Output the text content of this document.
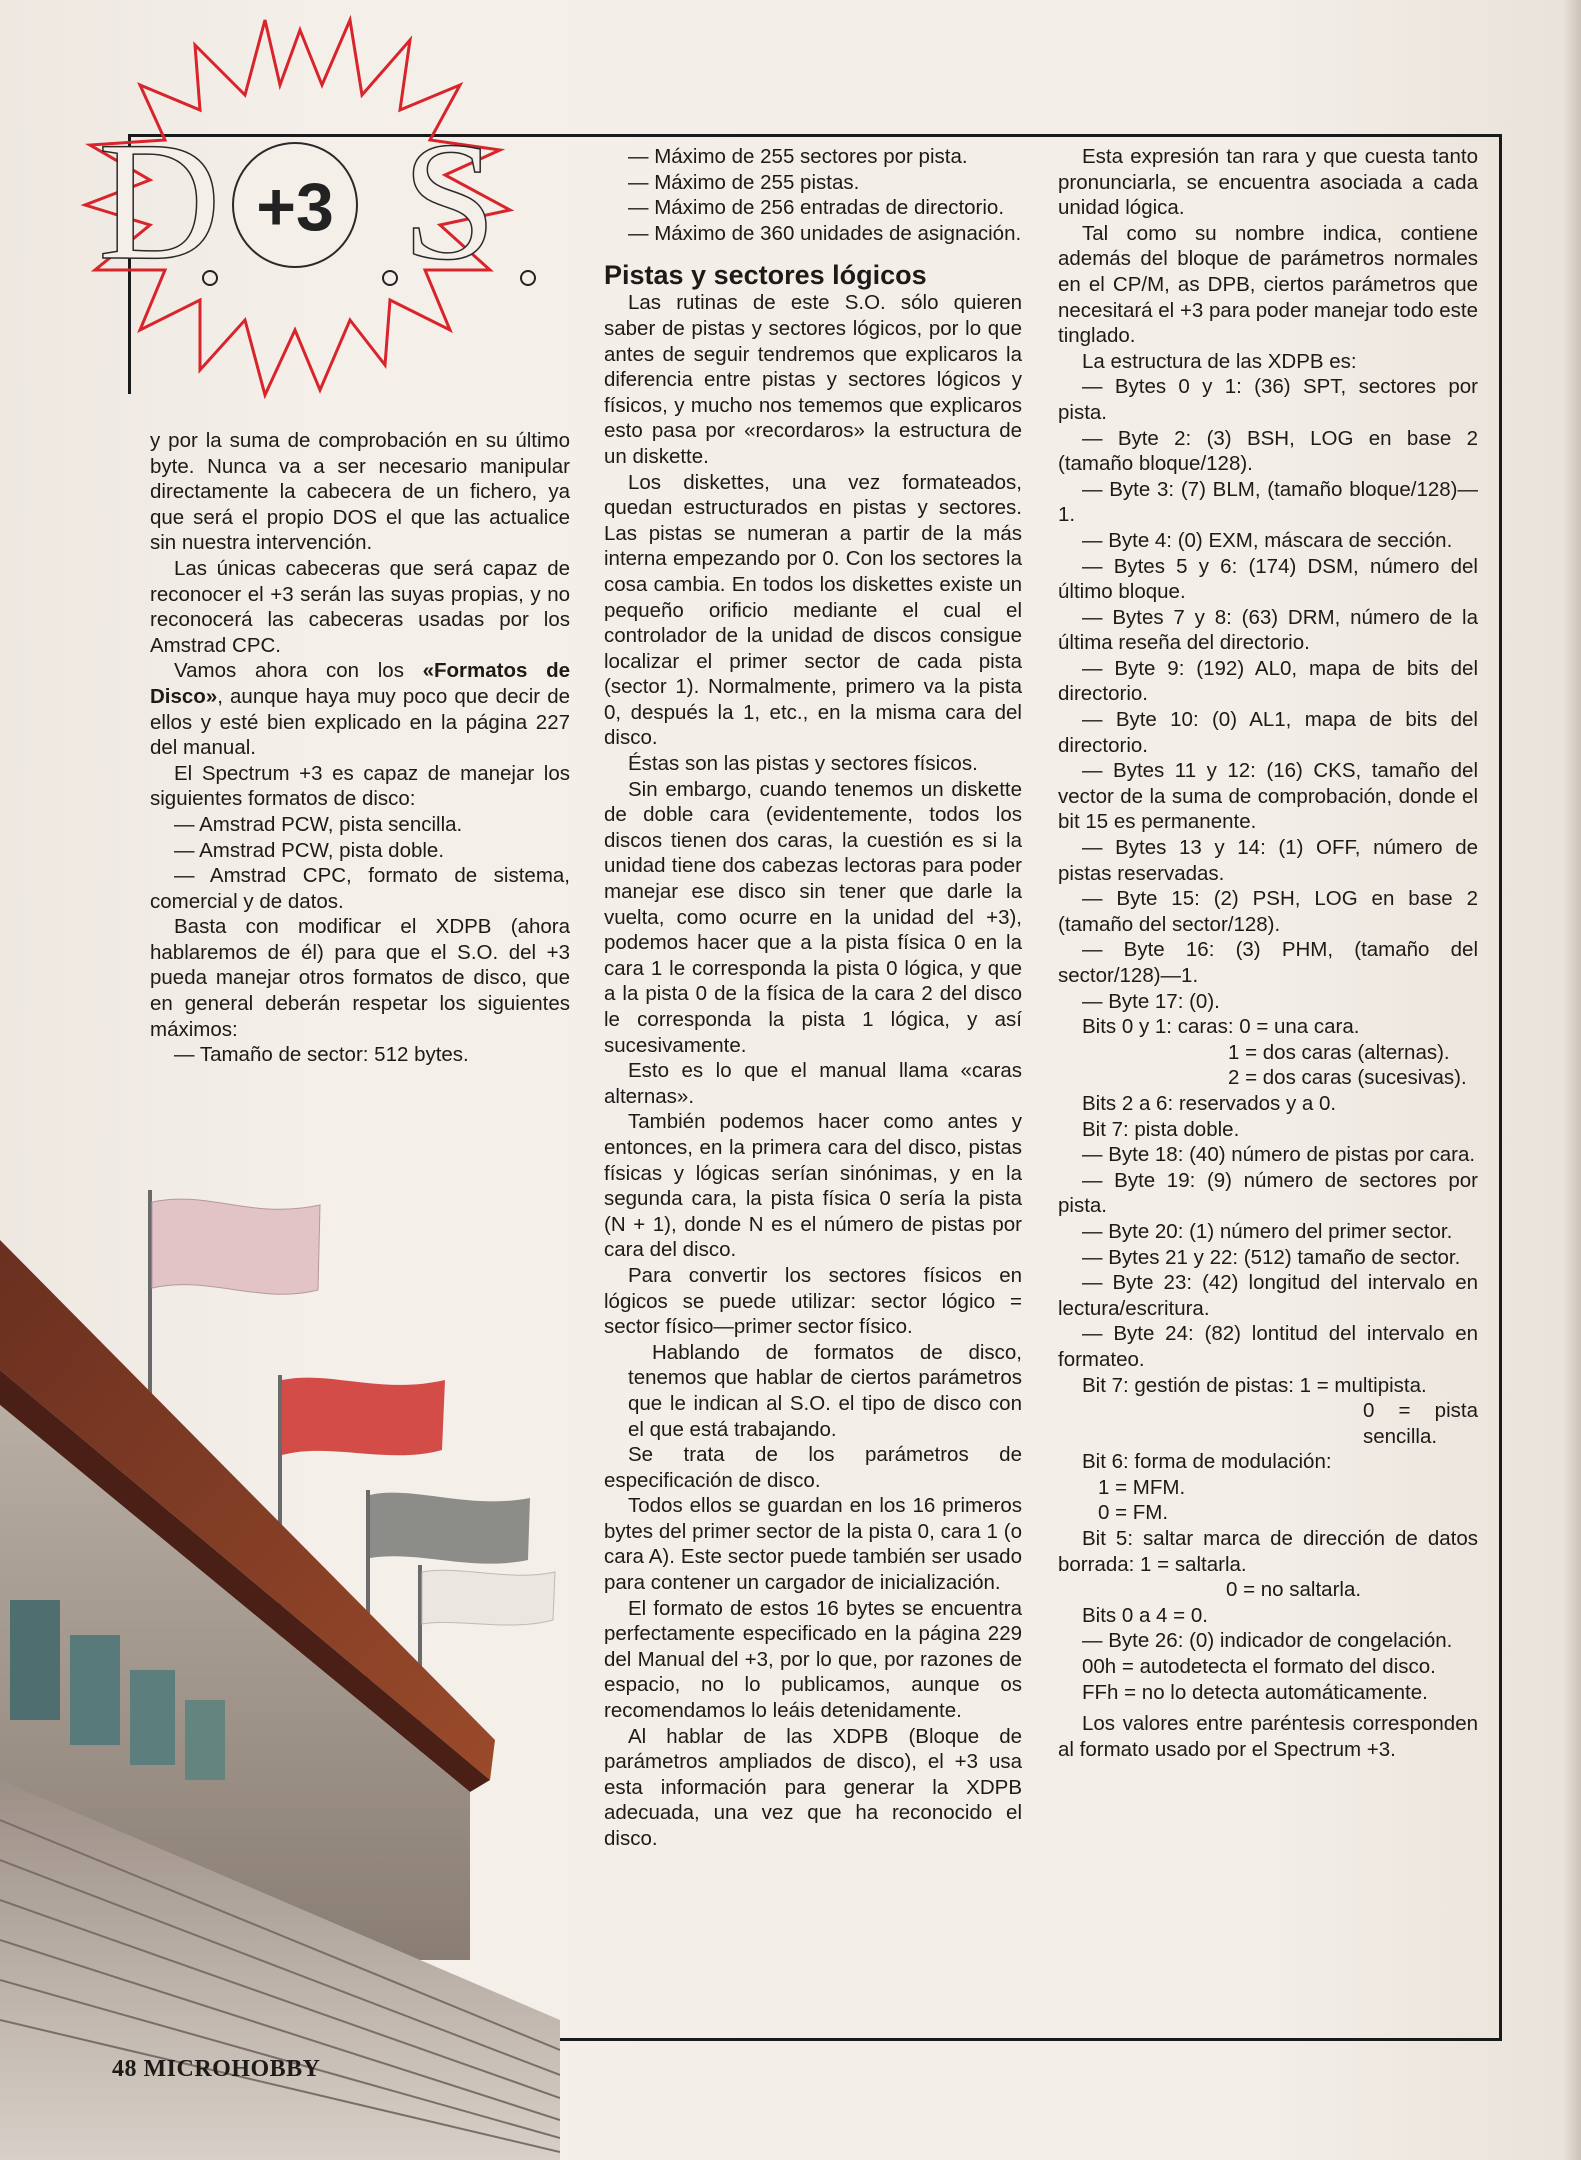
D +3 S

y por la suma de comprobación en su último byte. Nunca va a ser necesario manipular directamente la cabecera de un fichero, ya que será el propio DOS el que las actualice sin nuestra intervención.

Las únicas cabeceras que será capaz de reconocer el +3 serán las suyas propias, y no reconocerá las cabeceras usadas por los Amstrad CPC.

Vamos ahora con los «Formatos de Disco», aunque haya muy poco que decir de ellos y esté bien explicado en la página 227 del manual.

El Spectrum +3 es capaz de manejar los siguientes formatos de disco:

— Amstrad PCW, pista sencilla.

— Amstrad PCW, pista doble.

— Amstrad CPC, formato de sistema, comercial y de datos.

Basta con modificar el XDPB (ahora hablaremos de él) para que el S.O. del +3 pueda manejar otros formatos de disco, que en general deberán respetar los siguientes máximos:

— Tamaño de sector: 512 bytes.

— Máximo de 255 sectores por pista.

— Máximo de 255 pistas.

— Máximo de 256 entradas de directorio.

— Máximo de 360 unidades de asignación.

Pistas y sectores lógicos

Las rutinas de este S.O. sólo quieren saber de pistas y sectores lógicos, por lo que antes de seguir tendremos que explicaros la diferencia entre pistas y sectores lógicos y físicos, y mucho nos tememos que explicaros esto pasa por «recordaros» la estructura de un diskette.

Los diskettes, una vez formateados, quedan estructurados en pistas y sectores. Las pistas se numeran a partir de la más interna empezando por 0. Con los sectores la cosa cambia. En todos los diskettes existe un pequeño orificio mediante el cual el controlador de la unidad de discos consigue localizar el primer sector de cada pista (sector 1). Normalmente, primero va la pista 0, después la 1, etc., en la misma cara del disco.

Éstas son las pistas y sectores físicos.

Sin embargo, cuando tenemos un diskette de doble cara (evidentemente, todos los discos tienen dos caras, la cuestión es si la unidad tiene dos cabezas lectoras para poder manejar ese disco sin tener que darle la vuelta, como ocurre en la unidad del +3), podemos hacer que a la pista física 0 en la cara 1 le corresponda la pista 0 lógica, y que a la pista 0 de la física de la cara 2 del disco le corresponda la pista 1 lógica, y así sucesivamente.

Esto es lo que el manual llama «caras alternas».

También podemos hacer como antes y entonces, en la primera cara del disco, pistas físicas y lógicas serían sinónimas, y en la segunda cara, la pista física 0 sería la pista (N + 1), donde N es el número de pistas por cara del disco.

Para convertir los sectores físicos en lógicos se puede utilizar: sector lógico = sector físico—primer sector físico.

Hablando de formatos de disco, tenemos que hablar de ciertos parámetros que le indican al S.O. el tipo de disco con el que está trabajando.

Se trata de los parámetros de especificación de disco.

Todos ellos se guardan en los 16 primeros bytes del primer sector de la pista 0, cara 1 (o cara A). Este sector puede también ser usado para contener un cargador de inicialización.

El formato de estos 16 bytes se encuentra perfectamente especificado en la página 229 del Manual del +3, por lo que, por razones de espacio, no lo publicamos, aunque os recomendamos lo leáis detenidamente.

Al hablar de las XDPB (Bloque de parámetros ampliados de disco), el +3 usa esta información para generar la XDPB adecuada, una vez que ha reconocido el disco.

Esta expresión tan rara y que cuesta tanto pronunciarla, se encuentra asociada a cada unidad lógica.

Tal como su nombre indica, contiene además del bloque de parámetros normales en el CP/M, as DPB, ciertos parámetros que necesitará el +3 para poder manejar todo este tinglado.

La estructura de las XDPB es:

— Bytes 0 y 1: (36) SPT, sectores por pista.

— Byte 2: (3) BSH, LOG en base 2 (tamaño bloque/128).

— Byte 3: (7) BLM, (tamaño bloque/128)—1.

— Byte 4: (0) EXM, máscara de sección.

— Bytes 5 y 6: (174) DSM, número del último bloque.

— Bytes 7 y 8: (63) DRM, número de la última reseña del directorio.

— Byte 9: (192) AL0, mapa de bits del directorio.

— Byte 10: (0) AL1, mapa de bits del directorio.

— Bytes 11 y 12: (16) CKS, tamaño del vector de la suma de comprobación, donde el bit 15 es permanente.

— Bytes 13 y 14: (1) OFF, número de pistas reservadas.

— Byte 15: (2) PSH, LOG en base 2 (tamaño del sector/128).

— Byte 16: (3) PHM, (tamaño del sector/128)—1.

— Byte 17: (0).

Bits 0 y 1: caras: 0 = una cara.

1 = dos caras (alternas).

2 = dos caras (sucesivas).

Bits 2 a 6: reservados y a 0.

Bit 7: pista doble.

— Byte 18: (40) número de pistas por cara.

— Byte 19: (9) número de sectores por pista.

— Byte 20: (1) número del primer sector.

— Bytes 21 y 22: (512) tamaño de sector.

— Byte 23: (42) longitud del intervalo en lectura/escritura.

— Byte 24: (82) lontitud del intervalo en formateo.

Bit 7: gestión de pistas: 1 = multipista.

0 = pista sencilla.

Bit 6: forma de modulación:

1 = MFM.

0 = FM.

Bit 5: saltar marca de dirección de datos borrada: 1 = saltarla.

0 = no saltarla.

Bits 0 a 4 = 0.

— Byte 26: (0) indicador de congelación.

00h = autodetecta el formato del disco.

FFh = no lo detecta automáticamente.

Los valores entre paréntesis corresponden al formato usado por el Spectrum +3.

48 MICROHOBBY
